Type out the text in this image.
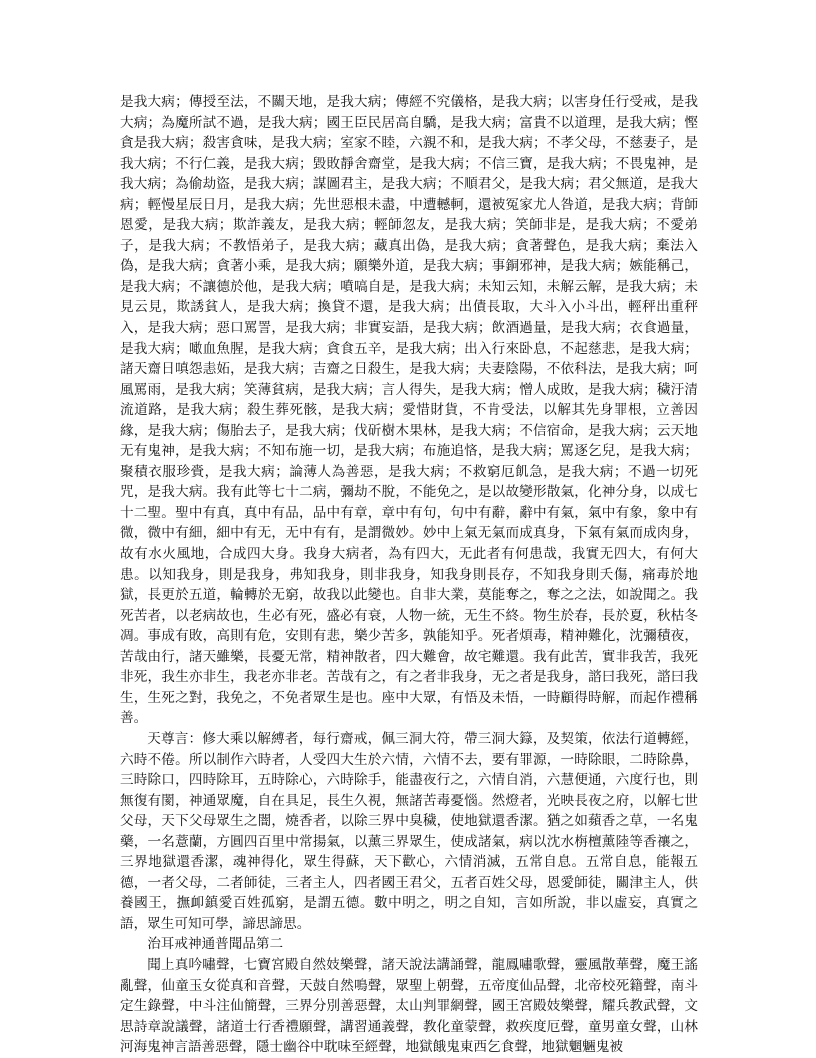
是我大病；傳授至法，不關天地，是我大病；傳經不究儀格，是我大病；以害身任行受戒，是我大病；為魔所試不過，是我大病；國王臣民居高自驕，是我大病；富貴不以道理，是我大病；慳貪是我大病；殺害貪味，是我大病；室家不睦，六親不和，是我大病；不孝父母，不慈妻子，是我大病；不行仁義，是我大病；毀敗靜舍齋堂，是我大病；不信三寶，是我大病；不畏鬼神，是我大病；為偷劫盜，是我大病；謀圖君主，是我大病；不順君父，是我大病；君父無道，是我大病；輕慢星辰日月，是我大病；先世惡根未盡，中遭轗軻，還被冤家尤人咎道，是我大病；背師恩愛，是我大病；欺詐義友，是我大病；輕師忽友，是我大病；笑師非是，是我大病；不愛弟子，是我大病；不教悟弟子，是我大病；藏真出偽，是我大病；貪著聲色，是我大病；棄法入偽，是我大病；貪著小乘，是我大病；願樂外道，是我大病；事銅邪神，是我大病；嫉能稱己，是我大病；不讓德於他，是我大病；噴嗃自是，是我大病；未知云知，未解云解，是我大病；未見云見，欺誘貧人，是我大病；換貸不還，是我大病；出債長取，大斗入小斗出，輕秤出重秤入，是我大病；惡口罵詈，是我大病；非實妄語，是我大病；飲酒過量，是我大病；衣食過量，是我大病；噉血魚腥，是我大病；貪食五辛，是我大病；出入行來卧息，不起慈悲，是我大病；諸天齋日嗔怨恚妬，是我大病；吉齋之日殺生，是我大病；夫妻陰陽，不依科法，是我大病；呵風罵雨，是我大病；笑薄貧病，是我大病；言人得失，是我大病；憎人成敗，是我大病；穢汙清流道路，是我大病；殺生葬死骸，是我大病；愛惜財貨，不肯受法，以解其先身罪根，立善因緣，是我大病；傷胎去子，是我大病；伐斫樹木果林，是我大病；不信宿命，是我大病；云天地无有鬼神，是我大病；不知布施一切，是我大病；布施追悋，是我大病；罵逐乞兒，是我大病；聚積衣服珍賫，是我大病；論薄人為善惡，是我大病；不救窮厄飢急，是我大病；不過一切死咒，是我大病。我有此等七十二病，彌劫不脫，不能免之，是以故變形散氣，化神分身，以成七十二聖。聖中有真，真中有品，品中有章，章中有句，句中有辭，辭中有氣，氣中有象，象中有微，微中有細，細中有无，无中有有，是謂微妙。妙中上氣无氣而成真身，下氣有氣而成肉身，故有水火風地，合成四大身。我身大病者，為有四大，无此者有何患哉，我實无四大，有何大患。以知我身，則是我身，弗知我身，則非我身，知我身則長存，不知我身則夭傷，痛毒於地獄，長更於五道，輪轉於无窮，故我以此變也。自非大業，莫能奪之，奪之之法，如說聞之。我死苦者，以老病故也，生必有死，盛必有衰，人物一統，无生不終。物生於春，長於夏，秋枯冬凋。事成有敗，高則有危，安則有悲，樂少苦多，孰能知乎。死者煩毒，精神難化，沈彌積夜，苦哉由行，諸天雖樂，長憂无常，精神散者，四大難會，故宅難還。我有此苦，實非我苦，我死非死，我生亦非生，我老亦非老。苦哉有之，有之者非我身，无之者是我身，諮曰我死，諮曰我生，生死之對，我免之，不免者眾生是也。座中大眾，有悟及未悟，一時顧得時解，而起作禮稱善。

天尊言：修大乘以解縛者，每行齋戒，佩三洞大符，帶三洞大籙，及契策，依法行道轉經，六時不倦。所以制作六時者，人受四大生於六情，六情不去，要有罪源，一時除眼，二時除鼻，三時除口，四時除耳，五時除心，六時除手，能盡夜行之，六情自消，六慧便通，六度行也，則無復有閡，神通眾魔，自在具足，長生久視，無諸苦毒憂惱。然燈者，光映長夜之府，以解七世父母，天下父母眾生之闇，燒香者，以除三界中臭穢，使地獄還香潔。猶之如蘋香之草，一名鬼藥，一名薏蘭，方圓四百里中常揚氣，以薰三界眾生，使成諸氣，病以沈水栴檀薰陸等香禳之，三界地獄還香潔，魂神得化，眾生得蘇，天下歡心，六情消滅，五常自息。五常自息，能報五德，一者父母，二者師徒，三者主人，四者國王君父，五者百姓父母，恩愛師徒，關津主人，供養國王，撫卹鎮愛百姓孤窮，是謂五德。數中明之，明之自知，言如所說，非以虛妄，真實之語，眾生可知可學，諦思諦思。

治耳戒神通普聞品第二

聞上真吟嘯聲，七寶宮殿自然妓樂聲，諸天說法講誦聲，龍鳳嘯歌聲，靈風散華聲，魔王謠亂聲，仙童玉女從真和音聲，天鼓自然鳴聲，眾聖上朝聲，五帝度仙品聲，北帝校死籍聲，南斗定生錄聲，中斗注仙簡聲，三界分別善惡聲，太山判罪網聲，國王宮殿妓樂聲，耀兵教武聲，文思詩章說議聲，諸道士行香禮願聲，講習通義聲，教化童蒙聲，救疾度厄聲，童男童女聲，山林河海鬼神言語善惡聲，隱士幽谷中耽味至經聲，地獄餓鬼東西乞食聲，地獄魍魎鬼被
